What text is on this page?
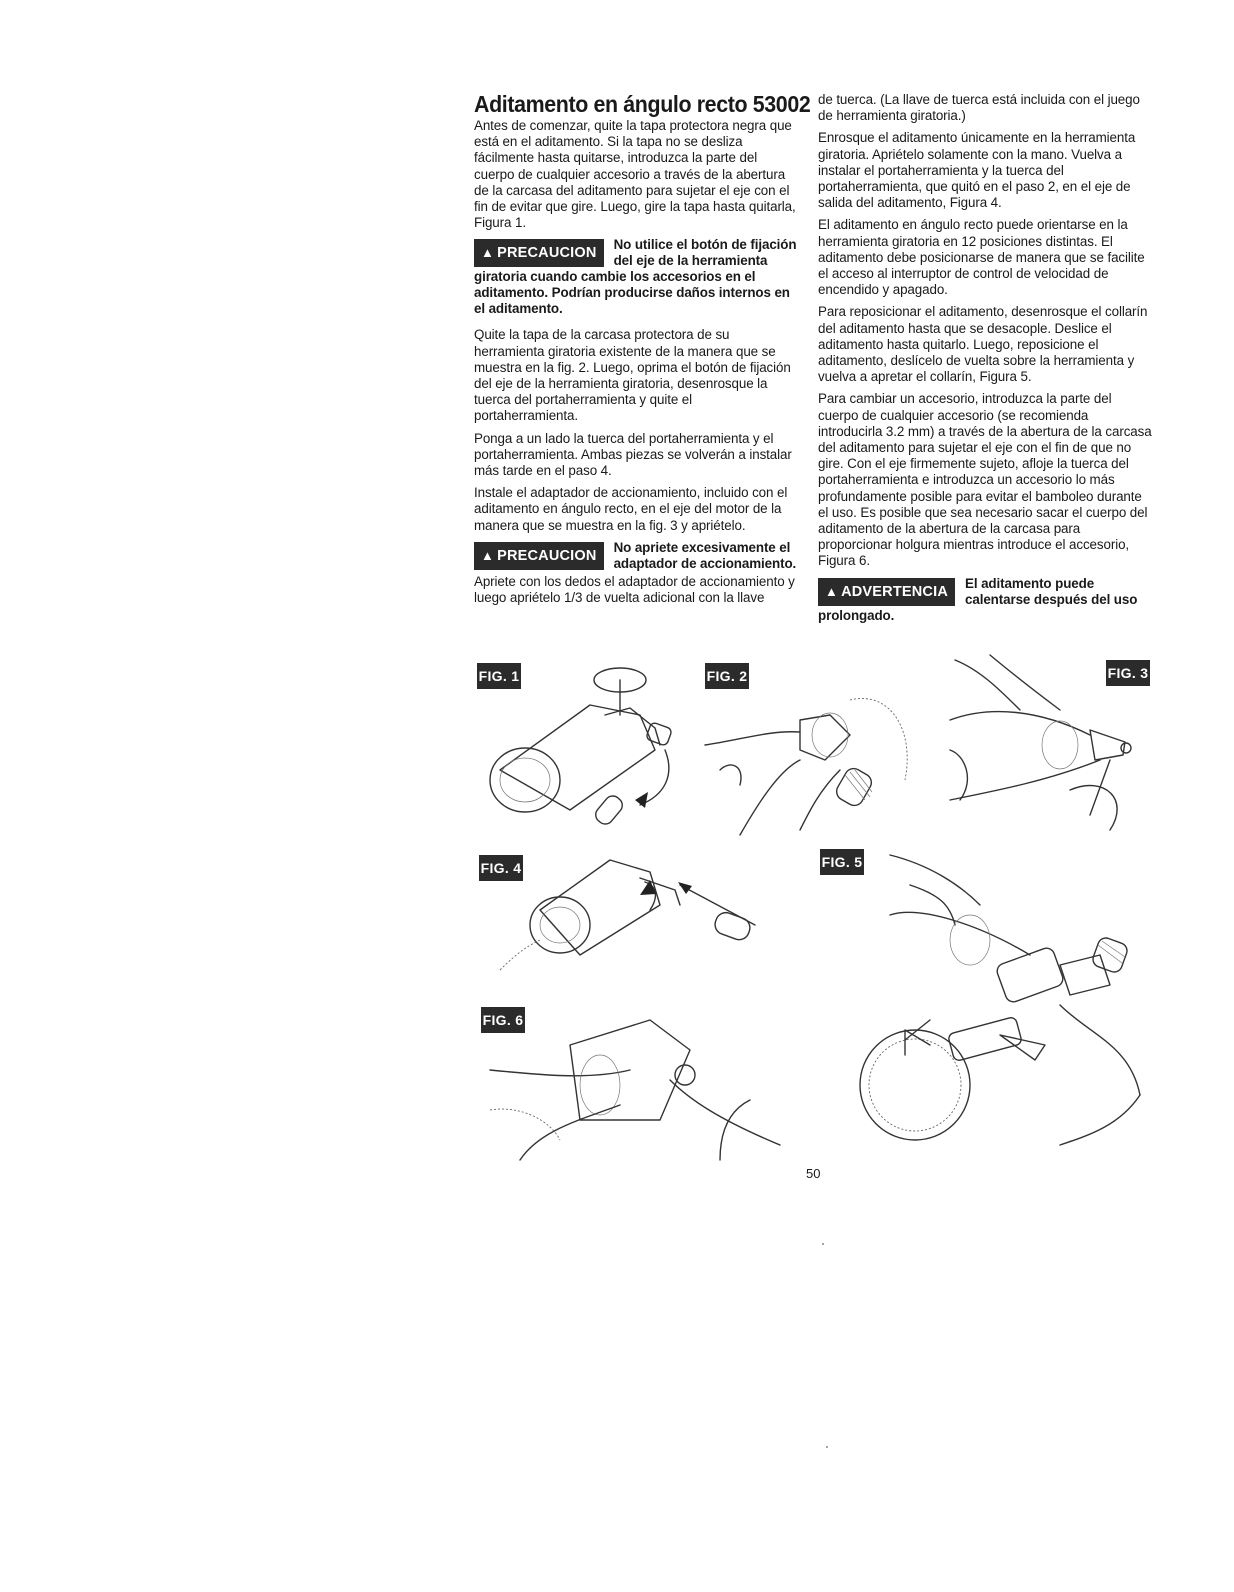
Aditamento en ángulo recto 53002

Antes de comenzar, quite la tapa protectora negra que está en el aditamento. Si la tapa no se desliza fácilmente hasta quitarse, introduzca la parte del cuerpo de cualquier accesorio a través de la abertura de la carcasa del aditamento para sujetar el eje con el fin de evitar que gire. Luego, gire la tapa hasta quitarla, Figura 1.

▲ PRECAUCION
No utilice el botón de fijación del eje de la herramienta giratoria cuando cambie los accesorios en el aditamento. Podrían producirse daños internos en el aditamento.

Quite la tapa de la carcasa protectora de su herramienta giratoria existente de la manera que se muestra en la fig. 2. Luego, oprima el botón de fijación del eje de la herramienta giratoria, desenrosque la tuerca del portaherramienta y quite el portaherramienta.

Ponga a un lado la tuerca del portaherramienta y el portaherramienta. Ambas piezas se volverán a instalar más tarde en el paso 4.

Instale el adaptador de accionamiento, incluido con el aditamento en ángulo recto, en el eje del motor de la manera que se muestra en la fig. 3 y apriételo.

▲ PRECAUCION
No apriete excesivamente el adaptador de accionamiento.

Apriete con los dedos el adaptador de accionamiento y luego apriételo 1/3 de vuelta adicional con la llave

de tuerca. (La llave de tuerca está incluida con el juego de herramienta giratoria.)

Enrosque el aditamento únicamente en la herramienta giratoria. Apriételo solamente con la mano. Vuelva a instalar el portaherramienta y la tuerca del portaherramienta, que quitó en el paso 2, en el eje de salida del aditamento, Figura 4.

El aditamento en ángulo recto puede orientarse en la herramienta giratoria en 12 posiciones distintas. El aditamento debe posicionarse de manera que se facilite el acceso al interruptor de control de velocidad de encendido y apagado.

Para reposicionar el aditamento, desenrosque el collarín del aditamento hasta que se desacople. Deslice el aditamento hasta quitarlo. Luego, reposicione el aditamento, deslícelo de vuelta sobre la herramienta y vuelva a apretar el collarín, Figura 5.

Para cambiar un accesorio, introduzca la parte del cuerpo de cualquier accesorio (se recomienda introducirla 3.2 mm) a través de la abertura de la carcasa del aditamento para sujetar el eje con el fin de que no gire. Con el eje firmemente sujeto, afloje la tuerca del portaherramienta e introduzca un accesorio lo más profundamente posible para evitar el bamboleo durante el uso. Es posible que sea necesario sacar el cuerpo del aditamento de la abertura de la carcasa para proporcionar holgura mientras introduce el accesorio, Figura 6.

▲ ADVERTENCIA
El aditamento puede calentarse después del uso prolongado.
FIG. 1	FIG. 2	FIG. 3
FIG. 4	FIG. 5
FIG. 6
50
